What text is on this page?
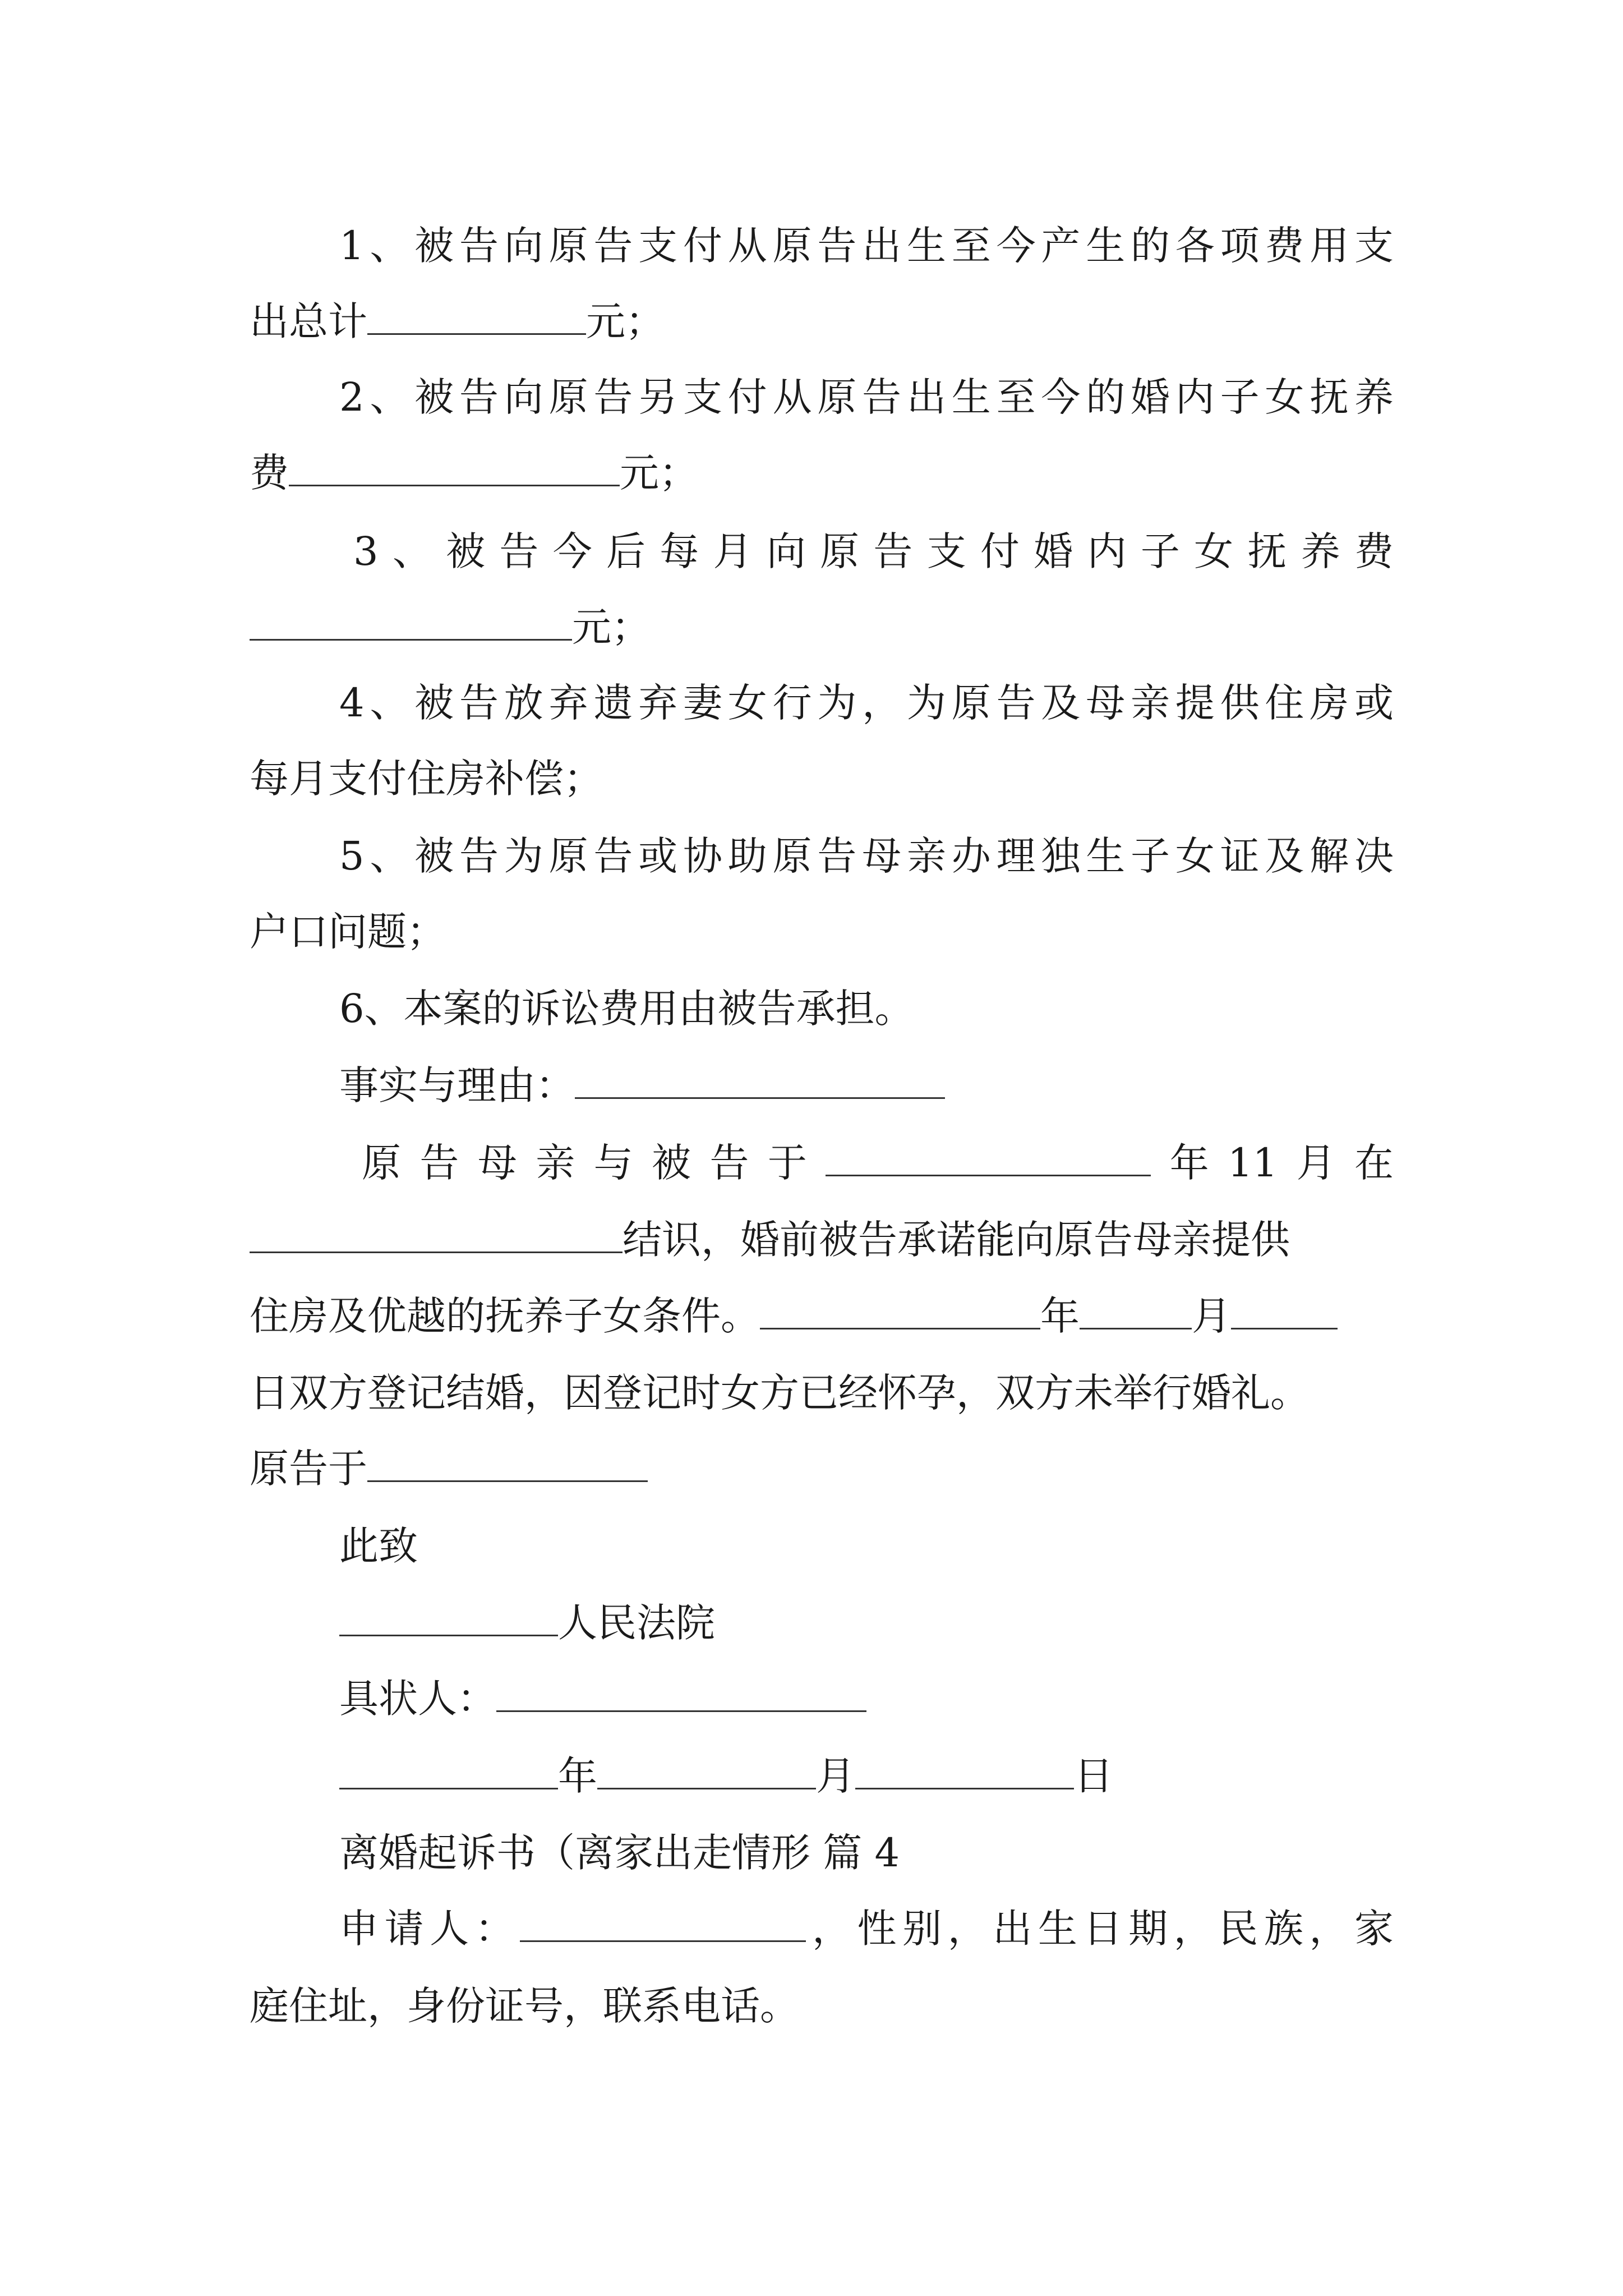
1、被告向原告支付从原告出生至今产生的各项费用支
出总计	元；
2、被告向原告另支付从原告出生至今的婚内子女抚养
费	元；
3、被告今后每月向原告支付婚内子女抚养费
元；
4、被告放弃遗弃妻女行为，为原告及母亲提供住房或
每月支付住房补偿；
5、被告为原告或协助原告母亲办理独生子女证及解决
户口问题；
6、本案的诉讼费用由被告承担。
事实与理由：
原告母亲与被告于	年11月在
结识，婚前被告承诺能向原告母亲提供
住房及优越的抚养子女条件。	年	月
日双方登记结婚，因登记时女方已经怀孕，双方未举行婚礼。
原告于
此致
人民法院
具状人：
年	月	日
离婚起诉书（离家出走情形 篇 4
申请人：	，性别，出生日期，民族，家
庭住址，身份证号，联系电话。
